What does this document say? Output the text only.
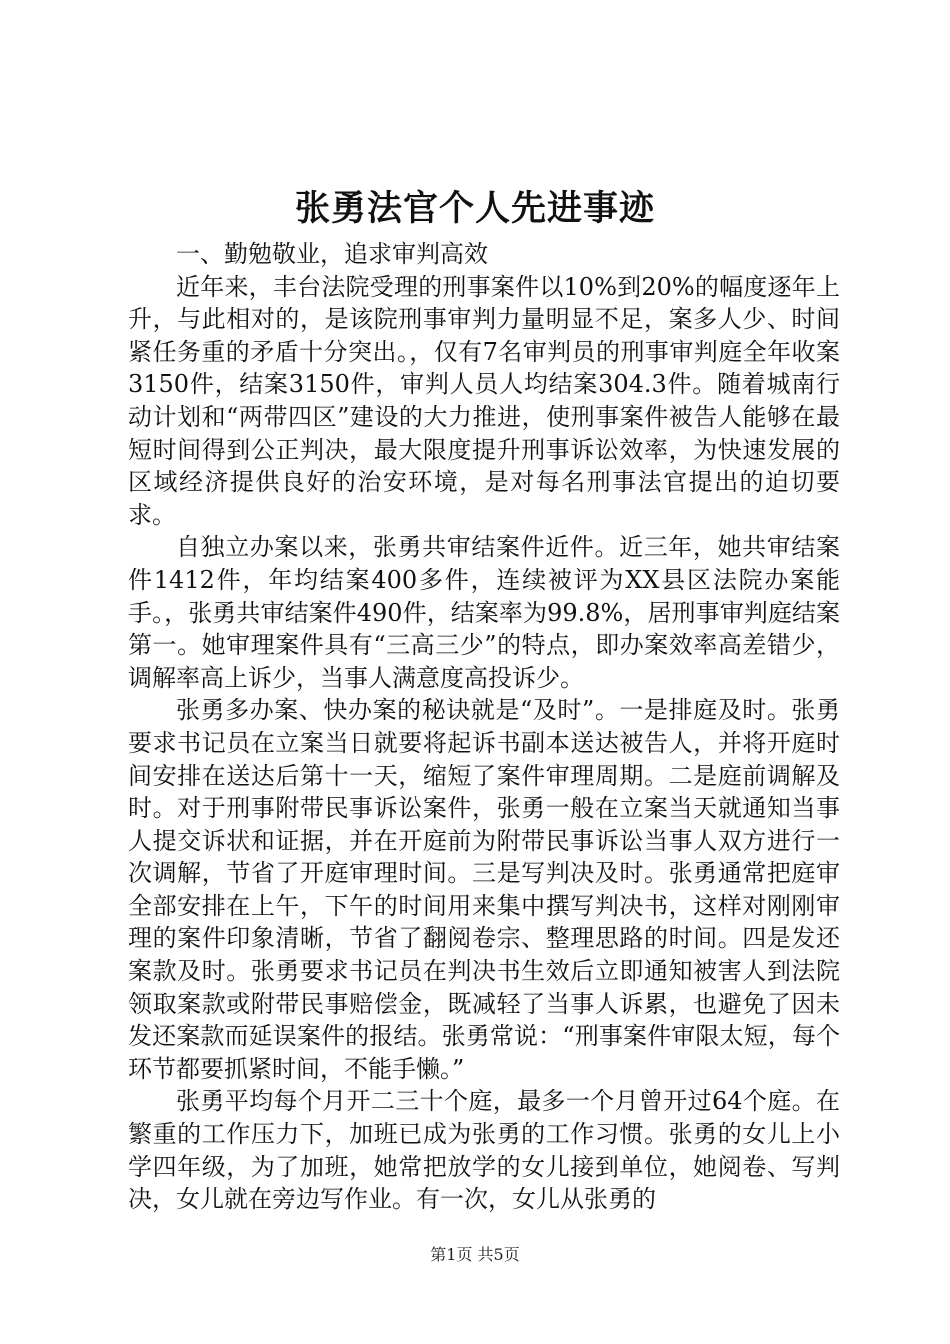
张勇法官个人先进事迹

一、勤勉敬业，追求审判高效

近年来，丰台法院受理的刑事案件以10%到20%的幅度逐年上升，与此相对的，是该院刑事审判力量明显不足，案多人少、时间紧任务重的矛盾十分突出。，仅有7名审判员的刑事审判庭全年收案3150件，结案3150件，审判人员人均结案304.3件。随着城南行动计划和“两带四区”建设的大力推进，使刑事案件被告人能够在最短时间得到公正判决，最大限度提升刑事诉讼效率，为快速发展的区域经济提供良好的治安环境，是对每名刑事法官提出的迫切要求。

自独立办案以来，张勇共审结案件近件。近三年，她共审结案件1412件，年均结案400多件，连续被评为XX县区法院办案能手。，张勇共审结案件490件，结案率为99.8%，居刑事审判庭结案第一。她审理案件具有“三高三少”的特点，即办案效率高差错少，调解率高上诉少，当事人满意度高投诉少。

张勇多办案、快办案的秘诀就是“及时”。一是排庭及时。张勇要求书记员在立案当日就要将起诉书副本送达被告人，并将开庭时间安排在送达后第十一天，缩短了案件审理周期。二是庭前调解及时。对于刑事附带民事诉讼案件，张勇一般在立案当天就通知当事人提交诉状和证据，并在开庭前为附带民事诉讼当事人双方进行一次调解，节省了开庭审理时间。三是写判决及时。张勇通常把庭审全部安排在上午，下午的时间用来集中撰写判决书，这样对刚刚审理的案件印象清晰，节省了翻阅卷宗、整理思路的时间。四是发还案款及时。张勇要求书记员在判决书生效后立即通知被害人到法院领取案款或附带民事赔偿金，既减轻了当事人诉累，也避免了因未发还案款而延误案件的报结。张勇常说：“刑事案件审限太短，每个环节都要抓紧时间，不能手懒。”

张勇平均每个月开二三十个庭，最多一个月曾开过64个庭。在繁重的工作压力下，加班已成为张勇的工作习惯。张勇的女儿上小学四年级，为了加班，她常把放学的女儿接到单位，她阅卷、写判决，女儿就在旁边写作业。有一次，女儿从张勇的

第1页 共5页
